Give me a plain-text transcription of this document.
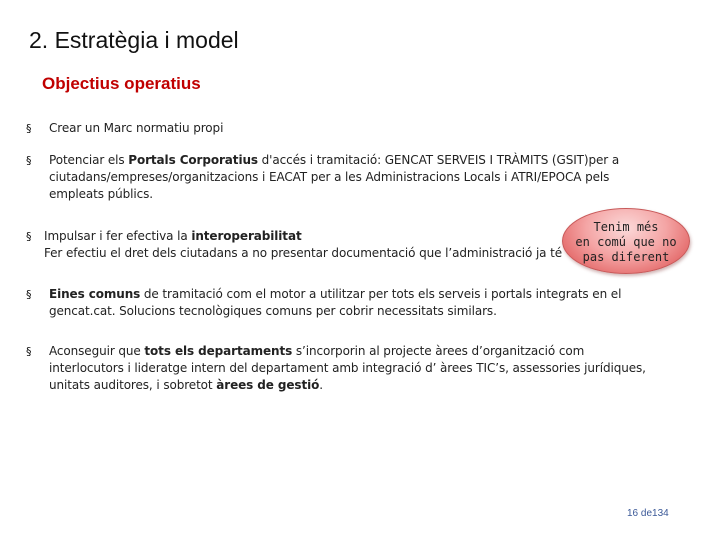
2. Estratègia i model
Objectius operatius
§	Crear un Marc normatiu propi
§	Potenciar els Portals Corporatius d'accés i tramitació: GENCAT SERVEIS I TRÀMITS (GSIT)per a
ciutadans/empreses/organitzacions i EACAT per a les Administracions Locals i ATRI/EPOCA pels
empleats públics.
§	Impulsar i fer efectiva la interoperabilitat
Fer efectiu el dret dels ciutadans a no presentar documentació que l’administració ja té
§	Eines comuns de tramitació com el motor a utilitzar per tots els serveis i portals integrats en el
gencat.cat. Solucions tecnològiques comuns per cobrir necessitats similars.
§	Aconseguir que tots els departaments s’incorporin al projecte àrees d’organització com
interlocutors i lideratge intern del departament amb integració d’ àrees TIC’s, assessories jurídiques,
unitats auditores, i sobretot àrees de gestió.
Tenim més
en comú que no
pas diferent
16 de134
